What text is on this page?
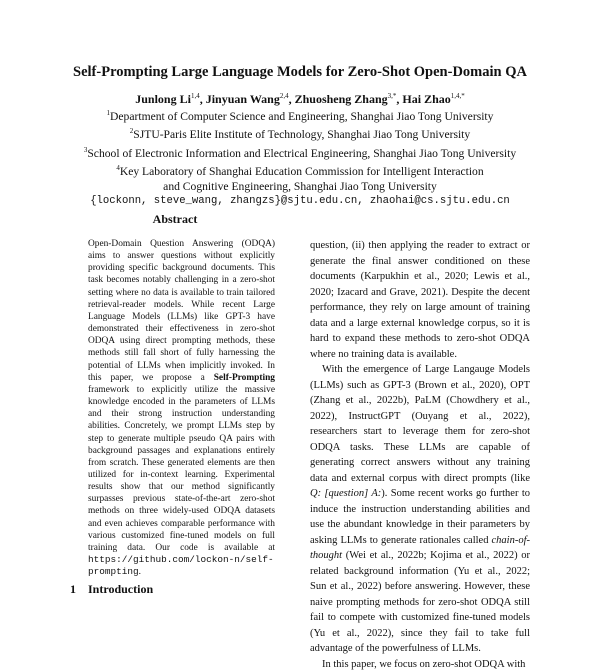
Self-Prompting Large Language Models for Zero-Shot Open-Domain QA
Junlong Li$^{1,4}$, Jinyuan Wang$^{2,4}$, Zhuosheng Zhang$^{3,*}$, Hai Zhao$^{1,4,*}$
$^1$Department of Computer Science and Engineering, Shanghai Jiao Tong University
$^2$SJTU-Paris Elite Institute of Technology, Shanghai Jiao Tong University
$^3$School of Electronic Information and Electrical Engineering, Shanghai Jiao Tong University
$^4$Key Laboratory of Shanghai Education Commission for Intelligent Interaction
and Cognitive Engineering, Shanghai Jiao Tong University
{lockonn, steve_wang, zhangzs}@sjtu.edu.cn, zhaohai@cs.sjtu.edu.cn
Abstract
Open-Domain Question Answering (ODQA) aims to answer questions without explicitly providing specific background documents. This task becomes notably challenging in a zero-shot setting where no data is available to train tailored retrieval-reader models. While recent Large Language Models (LLMs) like GPT-3 have demonstrated their effectiveness in zero-shot ODQA using direct prompting methods, these methods still fall short of fully harnessing the potential of LLMs when implicitly invoked. In this paper, we propose a Self-Prompting framework to explicitly utilize the massive knowledge encoded in the parameters of LLMs and their strong instruction understanding abilities. Concretely, we prompt LLMs step by step to generate multiple pseudo QA pairs with background passages and explanations entirely from scratch. These generated elements are then utilized for in-context learning. Experimental results show that our method significantly surpasses previous state-of-the-art zero-shot methods on three widely-used ODQA datasets and even achieves comparable performance with various customized fine-tuned models on full training data. Our code is available at https://github.com/lockon-n/self-prompting.
1 Introduction

question, (ii) then applying the reader to extract or generate the final answer conditioned on these documents (Karpukhin et al., 2020; Lewis et al., 2020; Izacard and Grave, 2021). Despite the decent performance, they rely on large amount of training data and a large external knowledge corpus, so it is hard to expand these methods to zero-shot ODQA where no training data is available.

With the emergence of Large Langauge Models (LLMs) such as GPT-3 (Brown et al., 2020), OPT (Zhang et al., 2022b), PaLM (Chowdhery et al., 2022), InstructGPT (Ouyang et al., 2022), researchers start to leverage them for zero-shot ODQA tasks. These LLMs are capable of generating correct answers without any training data and external corpus with direct prompts (like Q: [question] A:). Some recent works go further to induce the instruction understanding abilities and use the abundant knowledge in their parameters by asking LLMs to generate rationales called chain-of-thought (Wei et al., 2022b; Kojima et al., 2022) or related background information (Yu et al., 2022; Sun et al., 2022) before answering. However, these naive prompting methods for zero-shot ODQA still fail to compete with customized fine-tuned models (Yu et al., 2022), since they fail to take full advantage of the powerfulness of LLMs.

In this paper, we focus on zero-shot ODQA with
